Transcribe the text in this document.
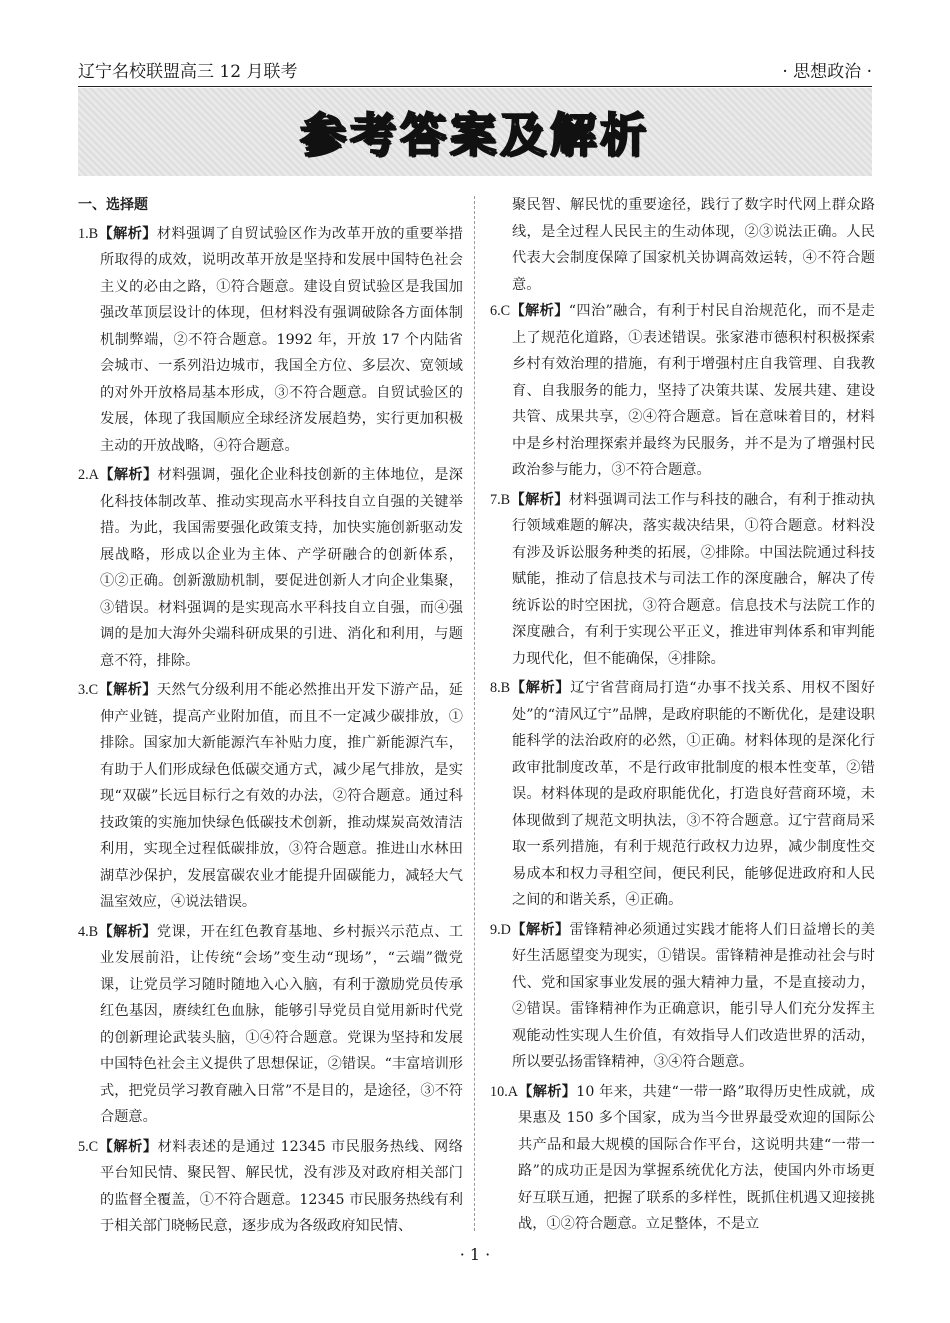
辽宁名校联盟高三 12 月联考	· 思想政治 ·
参考答案及解析
一、选择题

1.B【解析】材料强调了自贸试验区作为改革开放的重要举措所取得的成效，说明改革开放是坚持和发展中国特色社会主义的必由之路，①符合题意。建设自贸试验区是我国加强改革顶层设计的体现，但材料没有强调破除各方面体制机制弊端，②不符合题意。1992 年，开放 17 个内陆省会城市、一系列沿边城市，我国全方位、多层次、宽领域的对外开放格局基本形成，③不符合题意。自贸试验区的发展，体现了我国顺应全球经济发展趋势，实行更加积极主动的开放战略，④符合题意。

2.A【解析】材料强调，强化企业科技创新的主体地位，是深化科技体制改革、推动实现高水平科技自立自强的关键举措。为此，我国需要强化政策支持，加快实施创新驱动发展战略，形成以企业为主体、产学研融合的创新体系，①②正确。创新激励机制，要促进创新人才向企业集聚，③错误。材料强调的是实现高水平科技自立自强，而④强调的是加大海外尖端科研成果的引进、消化和利用，与题意不符，排除。

3.C【解析】天然气分级利用不能必然推出开发下游产品，延伸产业链，提高产业附加值，而且不一定减少碳排放，①排除。国家加大新能源汽车补贴力度，推广新能源汽车，有助于人们形成绿色低碳交通方式，减少尾气排放，是实现“双碳”长远目标行之有效的办法，②符合题意。通过科技政策的实施加快绿色低碳技术创新，推动煤炭高效清洁利用，实现全过程低碳排放，③符合题意。推进山水林田湖草沙保护，发展富碳农业才能提升固碳能力，减轻大气温室效应，④说法错误。

4.B【解析】党课，开在红色教育基地、乡村振兴示范点、工业发展前沿，让传统“会场”变生动“现场”，“云端”微党课，让党员学习随时随地入心入脑，有利于激励党员传承红色基因，赓续红色血脉，能够引导党员自觉用新时代党的创新理论武装头脑，①④符合题意。党课为坚持和发展中国特色社会主义提供了思想保证，②错误。“丰富培训形式，把党员学习教育融入日常”不是目的，是途径，③不符合题意。

5.C【解析】材料表述的是通过 12345 市民服务热线、网络平台知民情、聚民智、解民忧，没有涉及对政府相关部门的监督全覆盖，①不符合题意。12345 市民服务热线有利于相关部门晓畅民意，逐步成为各级政府知民情、

聚民智、解民忧的重要途径，践行了数字时代网上群众路线，是全过程人民民主的生动体现，②③说法正确。人民代表大会制度保障了国家机关协调高效运转，④不符合题意。

6.C【解析】“四治”融合，有利于村民自治规范化，而不是走上了规范化道路，①表述错误。张家港市德积村积极探索乡村有效治理的措施，有利于增强村庄自我管理、自我教育、自我服务的能力，坚持了决策共谋、发展共建、建设共管、成果共享，②④符合题意。旨在意味着目的，材料中是乡村治理探索并最终为民服务，并不是为了增强村民政治参与能力，③不符合题意。

7.B【解析】材料强调司法工作与科技的融合，有利于推动执行领域难题的解决，落实裁决结果，①符合题意。材料没有涉及诉讼服务种类的拓展，②排除。中国法院通过科技赋能，推动了信息技术与司法工作的深度融合，解决了传统诉讼的时空困扰，③符合题意。信息技术与法院工作的深度融合，有利于实现公平正义，推进审判体系和审判能力现代化，但不能确保，④排除。

8.B【解析】辽宁省营商局打造“办事不找关系、用权不图好处”的“清风辽宁”品牌，是政府职能的不断优化，是建设职能科学的法治政府的必然，①正确。材料体现的是深化行政审批制度改革，不是行政审批制度的根本性变革，②错误。材料体现的是政府职能优化，打造良好营商环境，未体现做到了规范文明执法，③不符合题意。辽宁营商局采取一系列措施，有利于规范行政权力边界，减少制度性交易成本和权力寻租空间，便民利民，能够促进政府和人民之间的和谐关系，④正确。

9.D【解析】雷锋精神必须通过实践才能将人们日益增长的美好生活愿望变为现实，①错误。雷锋精神是推动社会与时代、党和国家事业发展的强大精神力量，不是直接动力，②错误。雷锋精神作为正确意识，能引导人们充分发挥主观能动性实现人生价值，有效指导人们改造世界的活动，所以要弘扬雷锋精神，③④符合题意。

10.A【解析】10 年来，共建“一带一路”取得历史性成就，成果惠及 150 多个国家，成为当今世界最受欢迎的国际公共产品和最大规模的国际合作平台，这说明共建“一带一路”的成功正是因为掌握系统优化方法，使国内外市场更好互联互通，把握了联系的多样性，既抓住机遇又迎接挑战，①②符合题意。立足整体，不是立

· 1 ·
